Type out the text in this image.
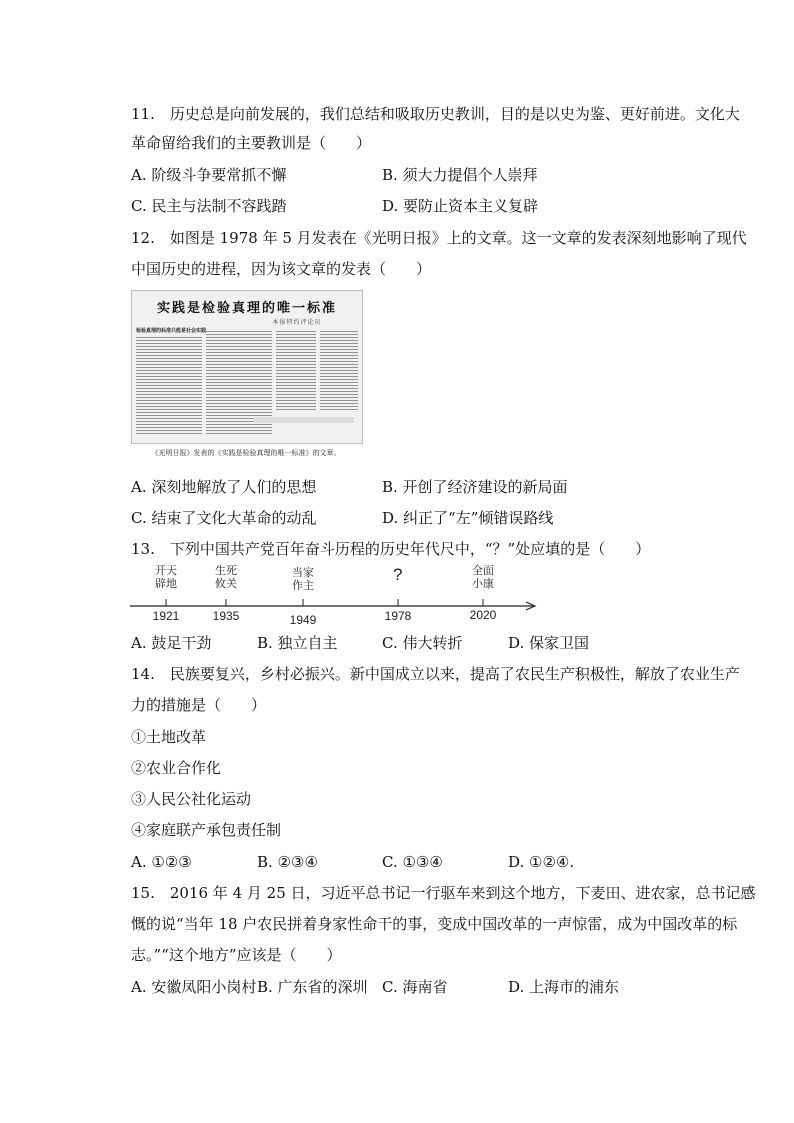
11.　历史总是向前发展的，我们总结和吸取历史教训，目的是以史为鉴、更好前进。文化大
革命留给我们的主要教训是（　　）
A. 阶级斗争要常抓不懈	B. 须大力提倡个人崇拜
C. 民主与法制不容践踏	D. 要防止资本主义复辟
12.　如图是 1978 年 5 月发表在《光明日报》上的文章。这一文章的发表深刻地影响了现代
中国历史的进程，因为该文章的发表（　　）
实践是检验真理的唯一标准
本报特约评论员
检验真理的标准只能是社会实践
《光明日报》发表的《实践是检验真理的唯一标准》的文章。
A. 深刻地解放了人们的思想	B. 开创了经济建设的新局面
C. 结束了文化大革命的动乱	D. 纠正了“左”倾错误路线
13.　下列中国共产党百年奋斗历程的历史年代尺中，“？”处应填的是（　　）
开天
辟地
1921
生死
攸关
1935
当家
作主
1949
?
1978
全面
小康
2020
A. 鼓足干劲	B. 独立自主	C. 伟大转折	D. 保家卫国
14.　民族要复兴，乡村必振兴。新中国成立以来，提高了农民生产积极性，解放了农业生产
力的措施是（　　）
①土地改革
②农业合作化
③人民公社化运动
④家庭联产承包责任制
A. ①②③	B. ②③④	C. ①③④	D. ①②④.
15.　2016 年 4 月 25 日，习近平总书记一行驱车来到这个地方，下麦田、进农家，总书记感
慨的说“当年 18 户农民拼着身家性命干的事，变成中国改革的一声惊雷，成为中国改革的标
志。”“这个地方”应该是（　　）
A. 安徽凤阳小岗村 B. 广东省的深圳 C. 海南省	D. 上海市的浦东
